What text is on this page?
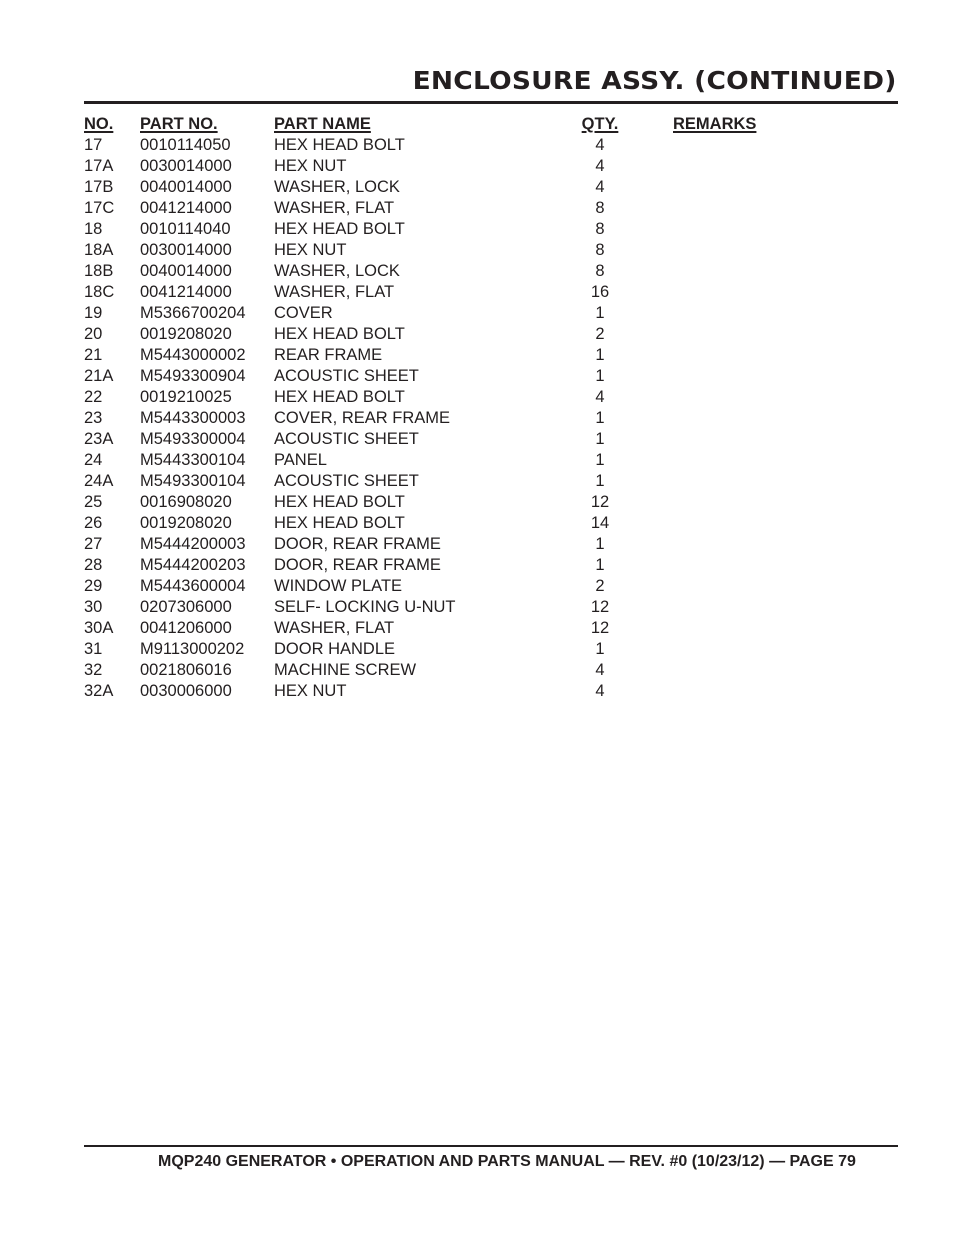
ENCLOSURE ASSY. (CONTINUED)
NO. PART NO.	PART NAME	QTY.	REMARKS
17 0010114050	HEX HEAD BOLT	4
17A 0030014000	HEX NUT	4
17B 0040014000	WASHER, LOCK	4
17C 0041214000	WASHER, FLAT	8
18 0010114040	HEX HEAD BOLT	8
18A 0030014000	HEX NUT	8
18B 0040014000	WASHER, LOCK	8
18C 0041214000	WASHER, FLAT	16
19 M5366700204 COVER	1
20 0019208020	HEX HEAD BOLT	2
21 M5443000002 REAR FRAME	1
21A M5493300904 ACOUSTIC SHEET	1
22 0019210025	HEX HEAD BOLT	4
23 M5443300003 COVER, REAR FRAME	1
23A M5493300004 ACOUSTIC SHEET	1
24 M5443300104 PANEL	1
24A M5493300104 ACOUSTIC SHEET	1
25 0016908020	HEX HEAD BOLT	12
26 0019208020	HEX HEAD BOLT	14
27 M5444200003 DOOR, REAR FRAME	1
28 M5444200203 DOOR, REAR FRAME	1
29 M5443600004 WINDOW PLATE	2
30 0207306000	SELF- LOCKING U-NUT	12
30A 0041206000	WASHER, FLAT	12
31 M9113000202 DOOR HANDLE	1
32 0021806016	MACHINE SCREW	4
32A 0030006000	HEX NUT	4
MQP240 GENERATOR • OPERATION AND PARTS MANUAL — REV. #0 (10/23/12) — PAGE 79
